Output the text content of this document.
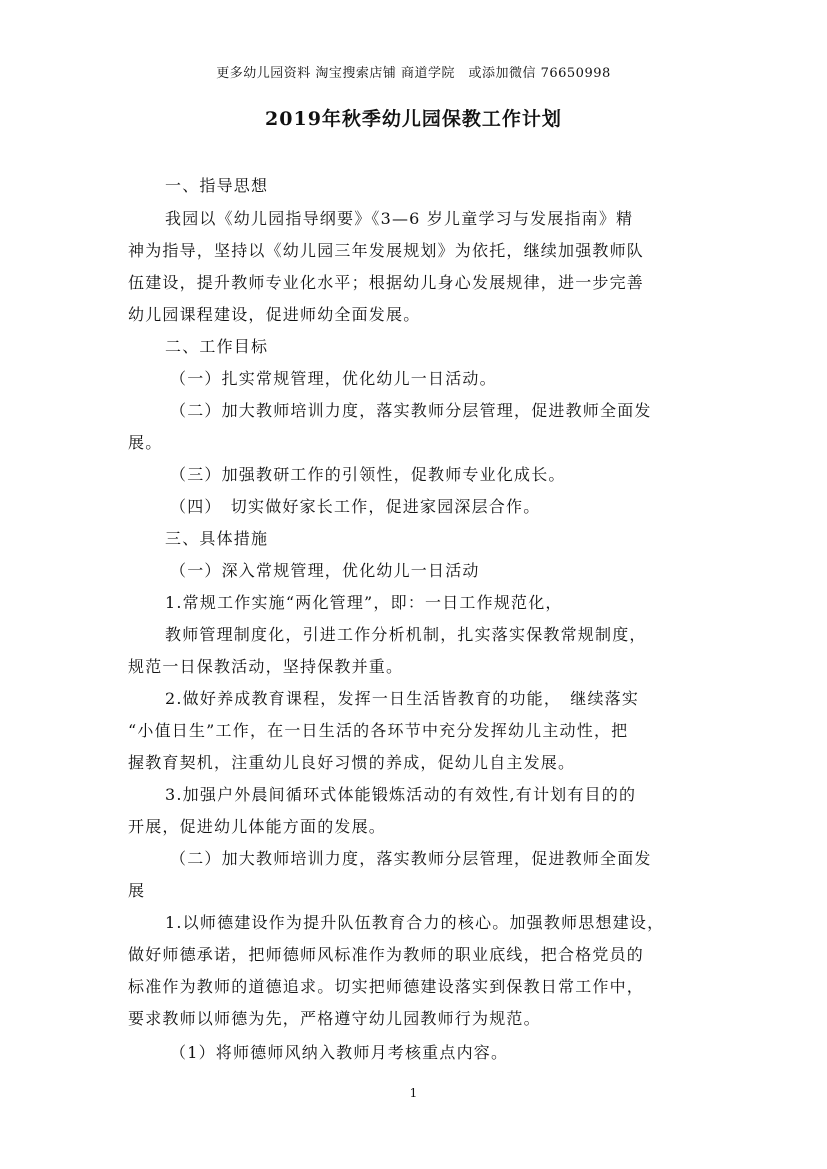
更多幼儿园资料 淘宝搜索店铺 商道学院　或添加微信 76650998
2019年秋季幼儿园保教工作计划
一、指导思想
我园以《幼儿园指导纲要》《3—6 岁儿童学习与发展指南》精
神为指导，坚持以《幼儿园三年发展规划》为依托，继续加强教师队
伍建设，提升教师专业化水平；根据幼儿身心发展规律，进一步完善
幼儿园课程建设，促进师幼全面发展。
二、工作目标
（一）扎实常规管理，优化幼儿一日活动。
（二）加大教师培训力度，落实教师分层管理，促进教师全面发
展。
（三）加强教研工作的引领性，促教师专业化成长。
（四）　切实做好家长工作，促进家园深层合作。
三、具体措施
（一）深入常规管理，优化幼儿一日活动
1.常规工作实施“两化管理”，即：一日工作规范化，
教师管理制度化，引进工作分析机制，扎实落实保教常规制度，
规范一日保教活动，坚持保教并重。
2.做好养成教育课程，发挥一日生活皆教育的功能，　继续落实
“小值日生”工作，在一日生活的各环节中充分发挥幼儿主动性，把
握教育契机，注重幼儿良好习惯的养成，促幼儿自主发展。
3.加强户外晨间循环式体能锻炼活动的有效性,有计划有目的的
开展，促进幼儿体能方面的发展。
（二）加大教师培训力度，落实教师分层管理，促进教师全面发
展
1.以师德建设作为提升队伍教育合力的核心。加强教师思想建设，
做好师德承诺，把师德师风标准作为教师的职业底线，把合格党员的
标准作为教师的道德追求。切实把师德建设落实到保教日常工作中，
要求教师以师德为先，严格遵守幼儿园教师行为规范。
（1）将师德师风纳入教师月考核重点内容。
1
